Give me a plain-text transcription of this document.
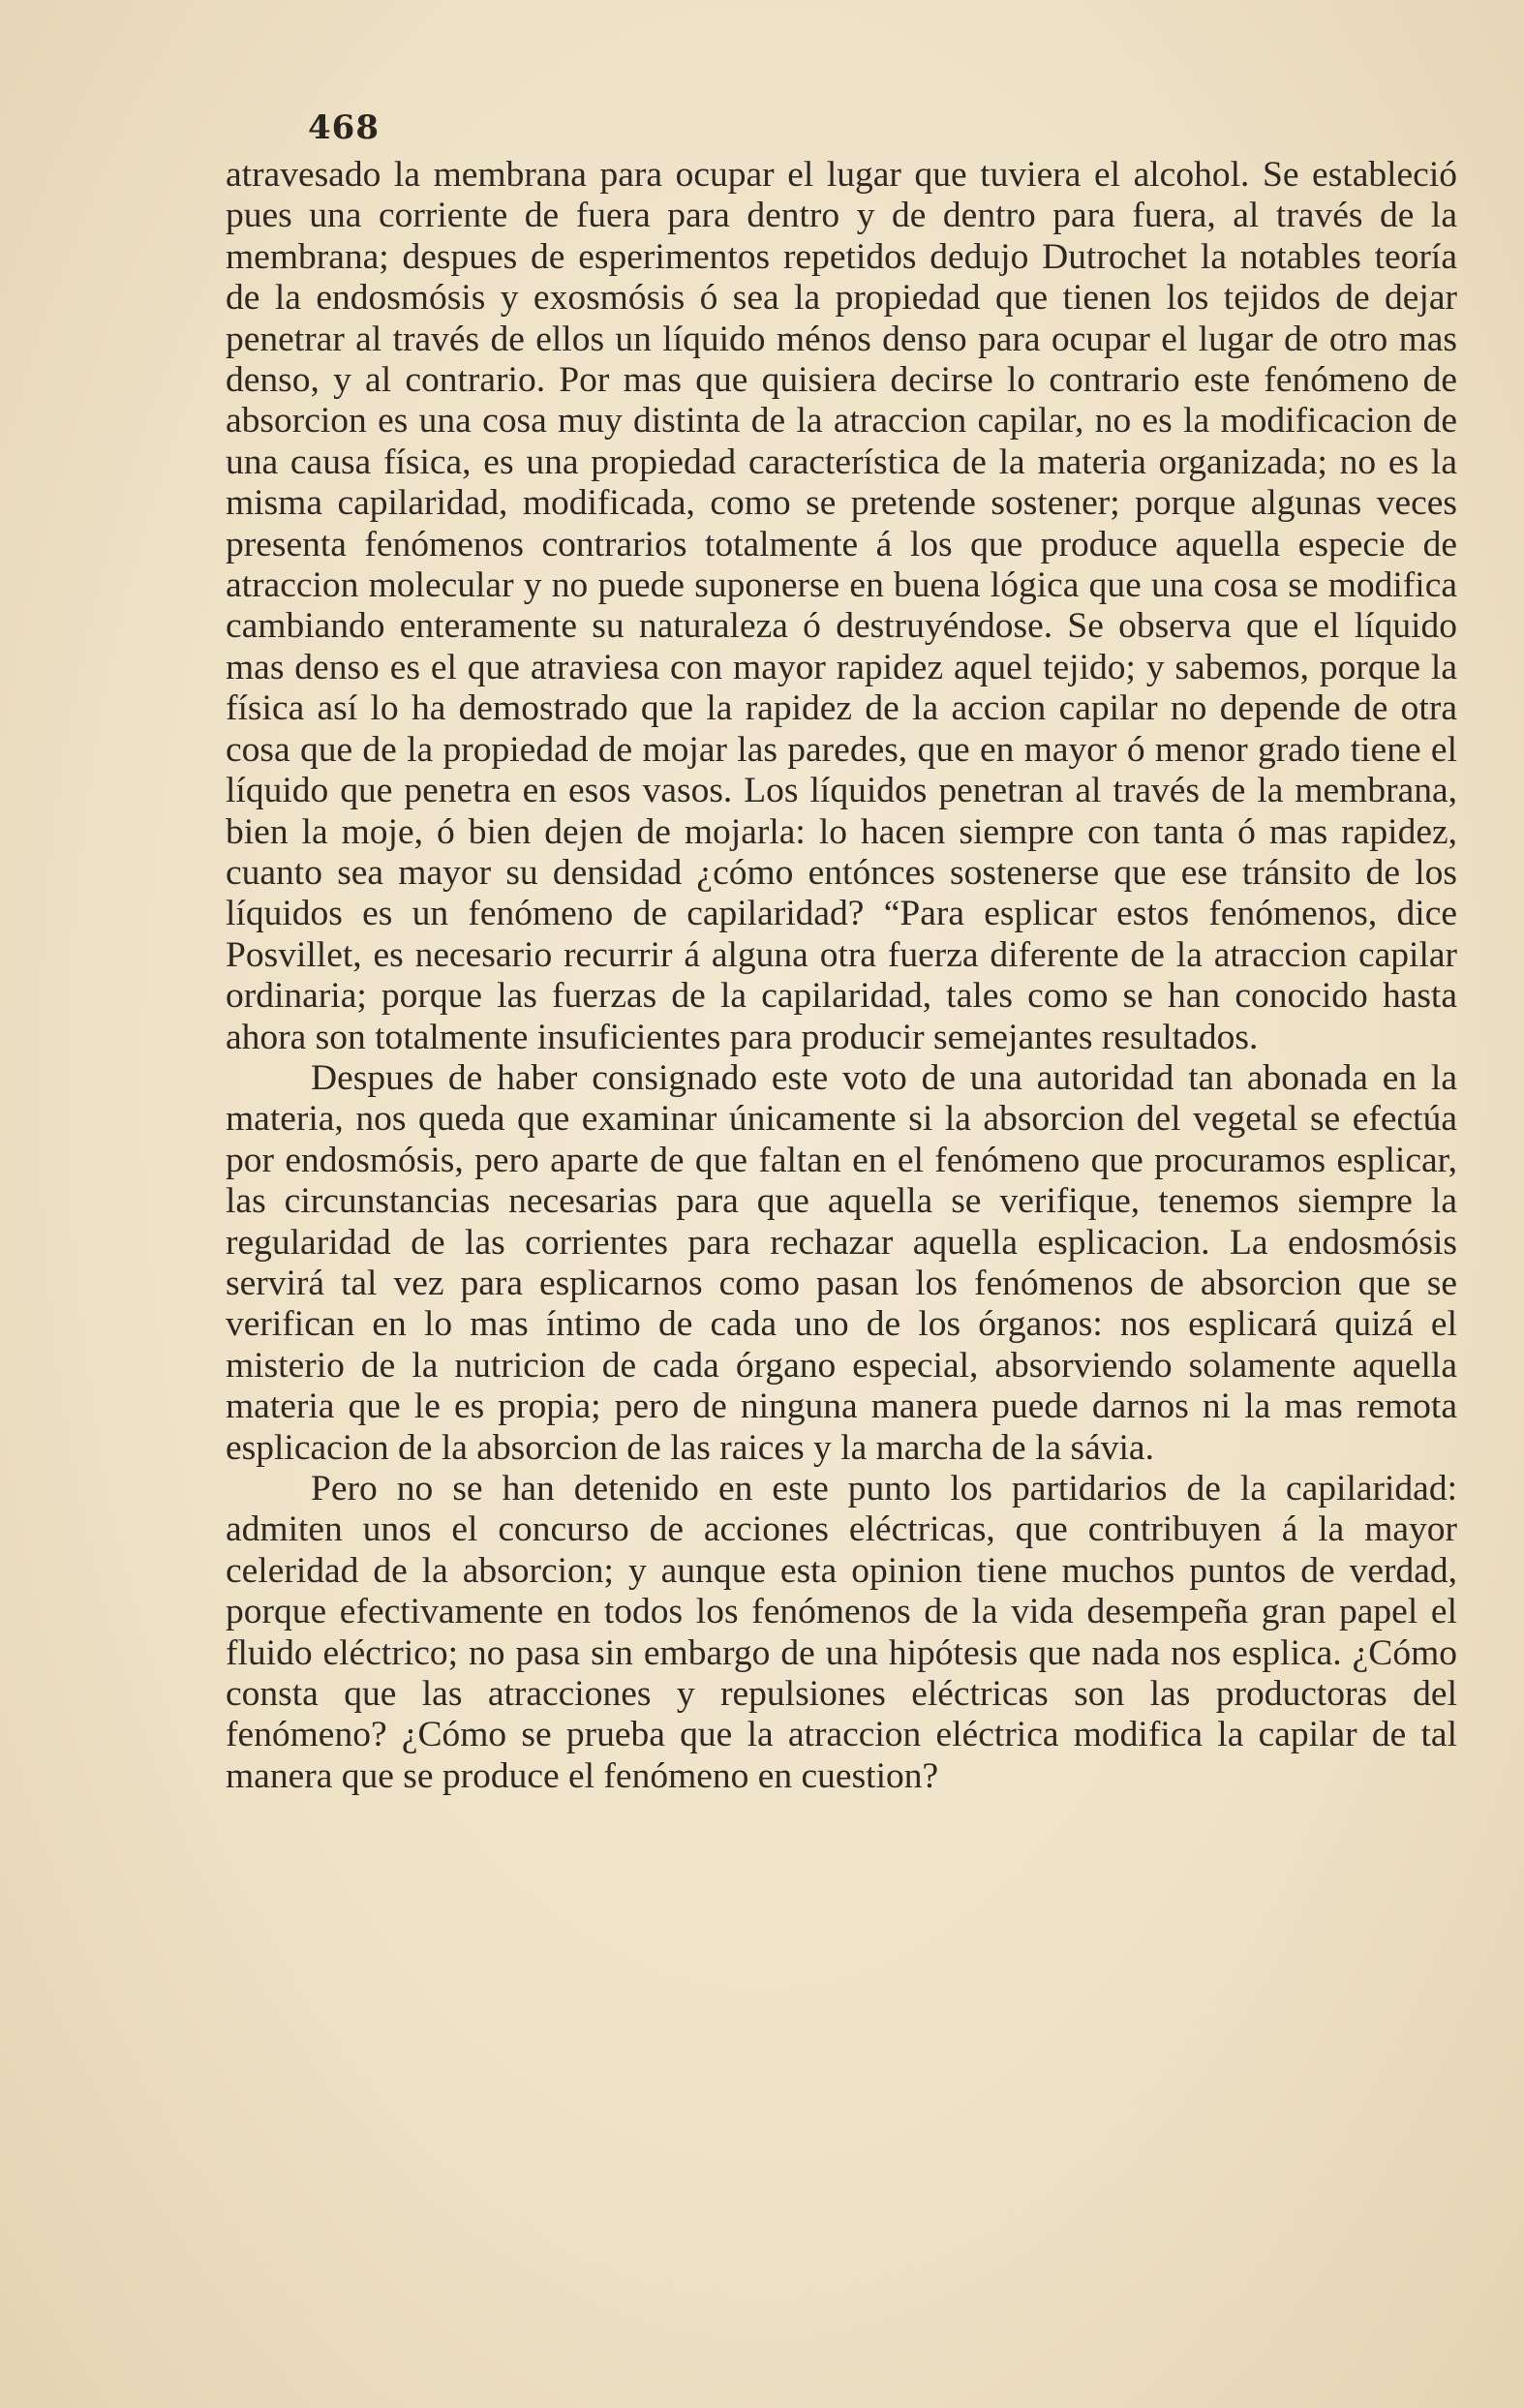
468

atravesado la membrana para ocupar el lugar que tuviera el alcohol. Se estableció pues una corriente de fuera para dentro y de dentro para fuera, al través de la membrana; despues de esperimentos repetidos dedujo Dutrochet la notables teoría de la endosmósis y exosmósis ó sea la propiedad que tienen los tejidos de dejar penetrar al través de ellos un líquido ménos denso para ocupar el lugar de otro mas denso, y al contrario. Por mas que quisiera decirse lo contrario este fenómeno de absorcion es una cosa muy distinta de la atraccion capilar, no es la modificacion de una causa física, es una propiedad característica de la materia organizada; no es la misma capilaridad, modificada, como se pretende sostener; porque algunas veces presenta fenómenos contrarios totalmente á los que produce aquella especie de atraccion molecular y no puede suponerse en buena lógica que una cosa se modifica cambiando enteramente su naturaleza ó destruyéndose. Se observa que el líquido mas denso es el que atraviesa con mayor rapidez aquel tejido; y sabemos, porque la física así lo ha demostrado que la rapidez de la accion capilar no depende de otra cosa que de la propiedad de mojar las paredes, que en mayor ó menor grado tiene el líquido que penetra en esos vasos. Los líquidos penetran al través de la membrana, bien la moje, ó bien dejen de mojarla: lo hacen siempre con tanta ó mas rapidez, cuanto sea mayor su densidad ¿cómo entónces sostenerse que ese tránsito de los líquidos es un fenómeno de capilaridad? “Para esplicar estos fenómenos, dice Posvillet, es necesario recurrir á alguna otra fuerza diferente de la atraccion capilar ordinaria; porque las fuerzas de la capilaridad, tales como se han conocido hasta ahora son totalmente insuficientes para producir semejantes resultados.

Despues de haber consignado este voto de una autoridad tan abonada en la materia, nos queda que examinar únicamente si la absorcion del vegetal se efectúa por endosmósis, pero aparte de que faltan en el fenómeno que procuramos esplicar, las circunstancias necesarias para que aquella se verifique, tenemos siempre la regularidad de las corrientes para rechazar aquella esplicacion. La endosmósis servirá tal vez para esplicarnos como pasan los fenómenos de absorcion que se verifican en lo mas íntimo de cada uno de los órganos: nos esplicará quizá el misterio de la nutricion de cada órgano especial, absorviendo solamente aquella materia que le es propia; pero de ninguna manera puede darnos ni la mas remota esplicacion de la absorcion de las raices y la marcha de la sávia.

Pero no se han detenido en este punto los partidarios de la capilaridad: admiten unos el concurso de acciones eléctricas, que contribuyen á la mayor celeridad de la absorcion; y aunque esta opinion tiene muchos puntos de verdad, porque efectivamente en todos los fenómenos de la vida desempeña gran papel el fluido eléctrico; no pasa sin embargo de una hipótesis que nada nos esplica. ¿Cómo consta que las atracciones y repulsiones eléctricas son las productoras del fenómeno? ¿Cómo se prueba que la atraccion eléctrica modifica la capilar de tal manera que se produce el fenómeno en cuestion?
